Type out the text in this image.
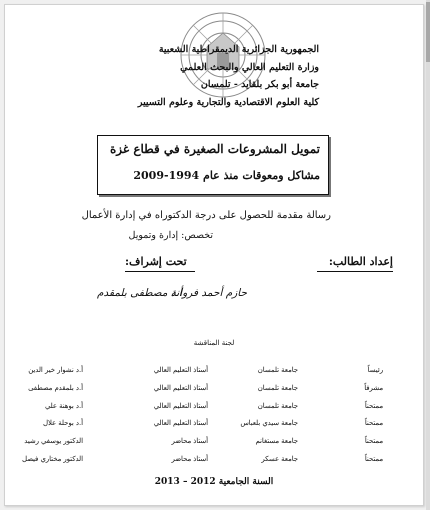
الجمهورية الجزائرية الديمقراطية الشعبية
وزارة التعليم العالي والبحث العلمي
جامعة أبو بكر بلقايد - تلمسان
كلية العلوم الاقتصادية والتجارية وعلوم التسيير
تمويل المشروعات الصغيرة في قطاع غزة
مشاكل ومعوقات منذ عام 1994-2009
رسالة مقدمة للحصول على درجة الدكتوراه في إدارة الأعمال
تخصص: إدارة وتمويل
إعداد الطالب:
تحت إشراف:
حازم أحمد فروانة
أ.د مصطفى بلمقدم
لجنة المناقشة
أ.د نشوار خير الدين	أستاذ التعليم العالي	جامعة تلمسان	رئيساً
أ.د بلمقدم مصطفى	أستاذ التعليم العالي	جامعة تلمسان	مشرفاً
أ.د بوهنة علي	أستاذ التعليم العالي	جامعة تلمسان	ممتحناً
أ.د بوحلة علال	أستاذ التعليم العالي	جامعة سيدي بلعباس	ممتحناً
الدكتور يوسفي رشيد	أستاذ محاضر	جامعة مستغانم	ممتحناً
الدكتور مختاري فيصل	أستاذ محاضر	جامعة عسكر	ممتحناً
السنة الجامعية 2012 – 2013
